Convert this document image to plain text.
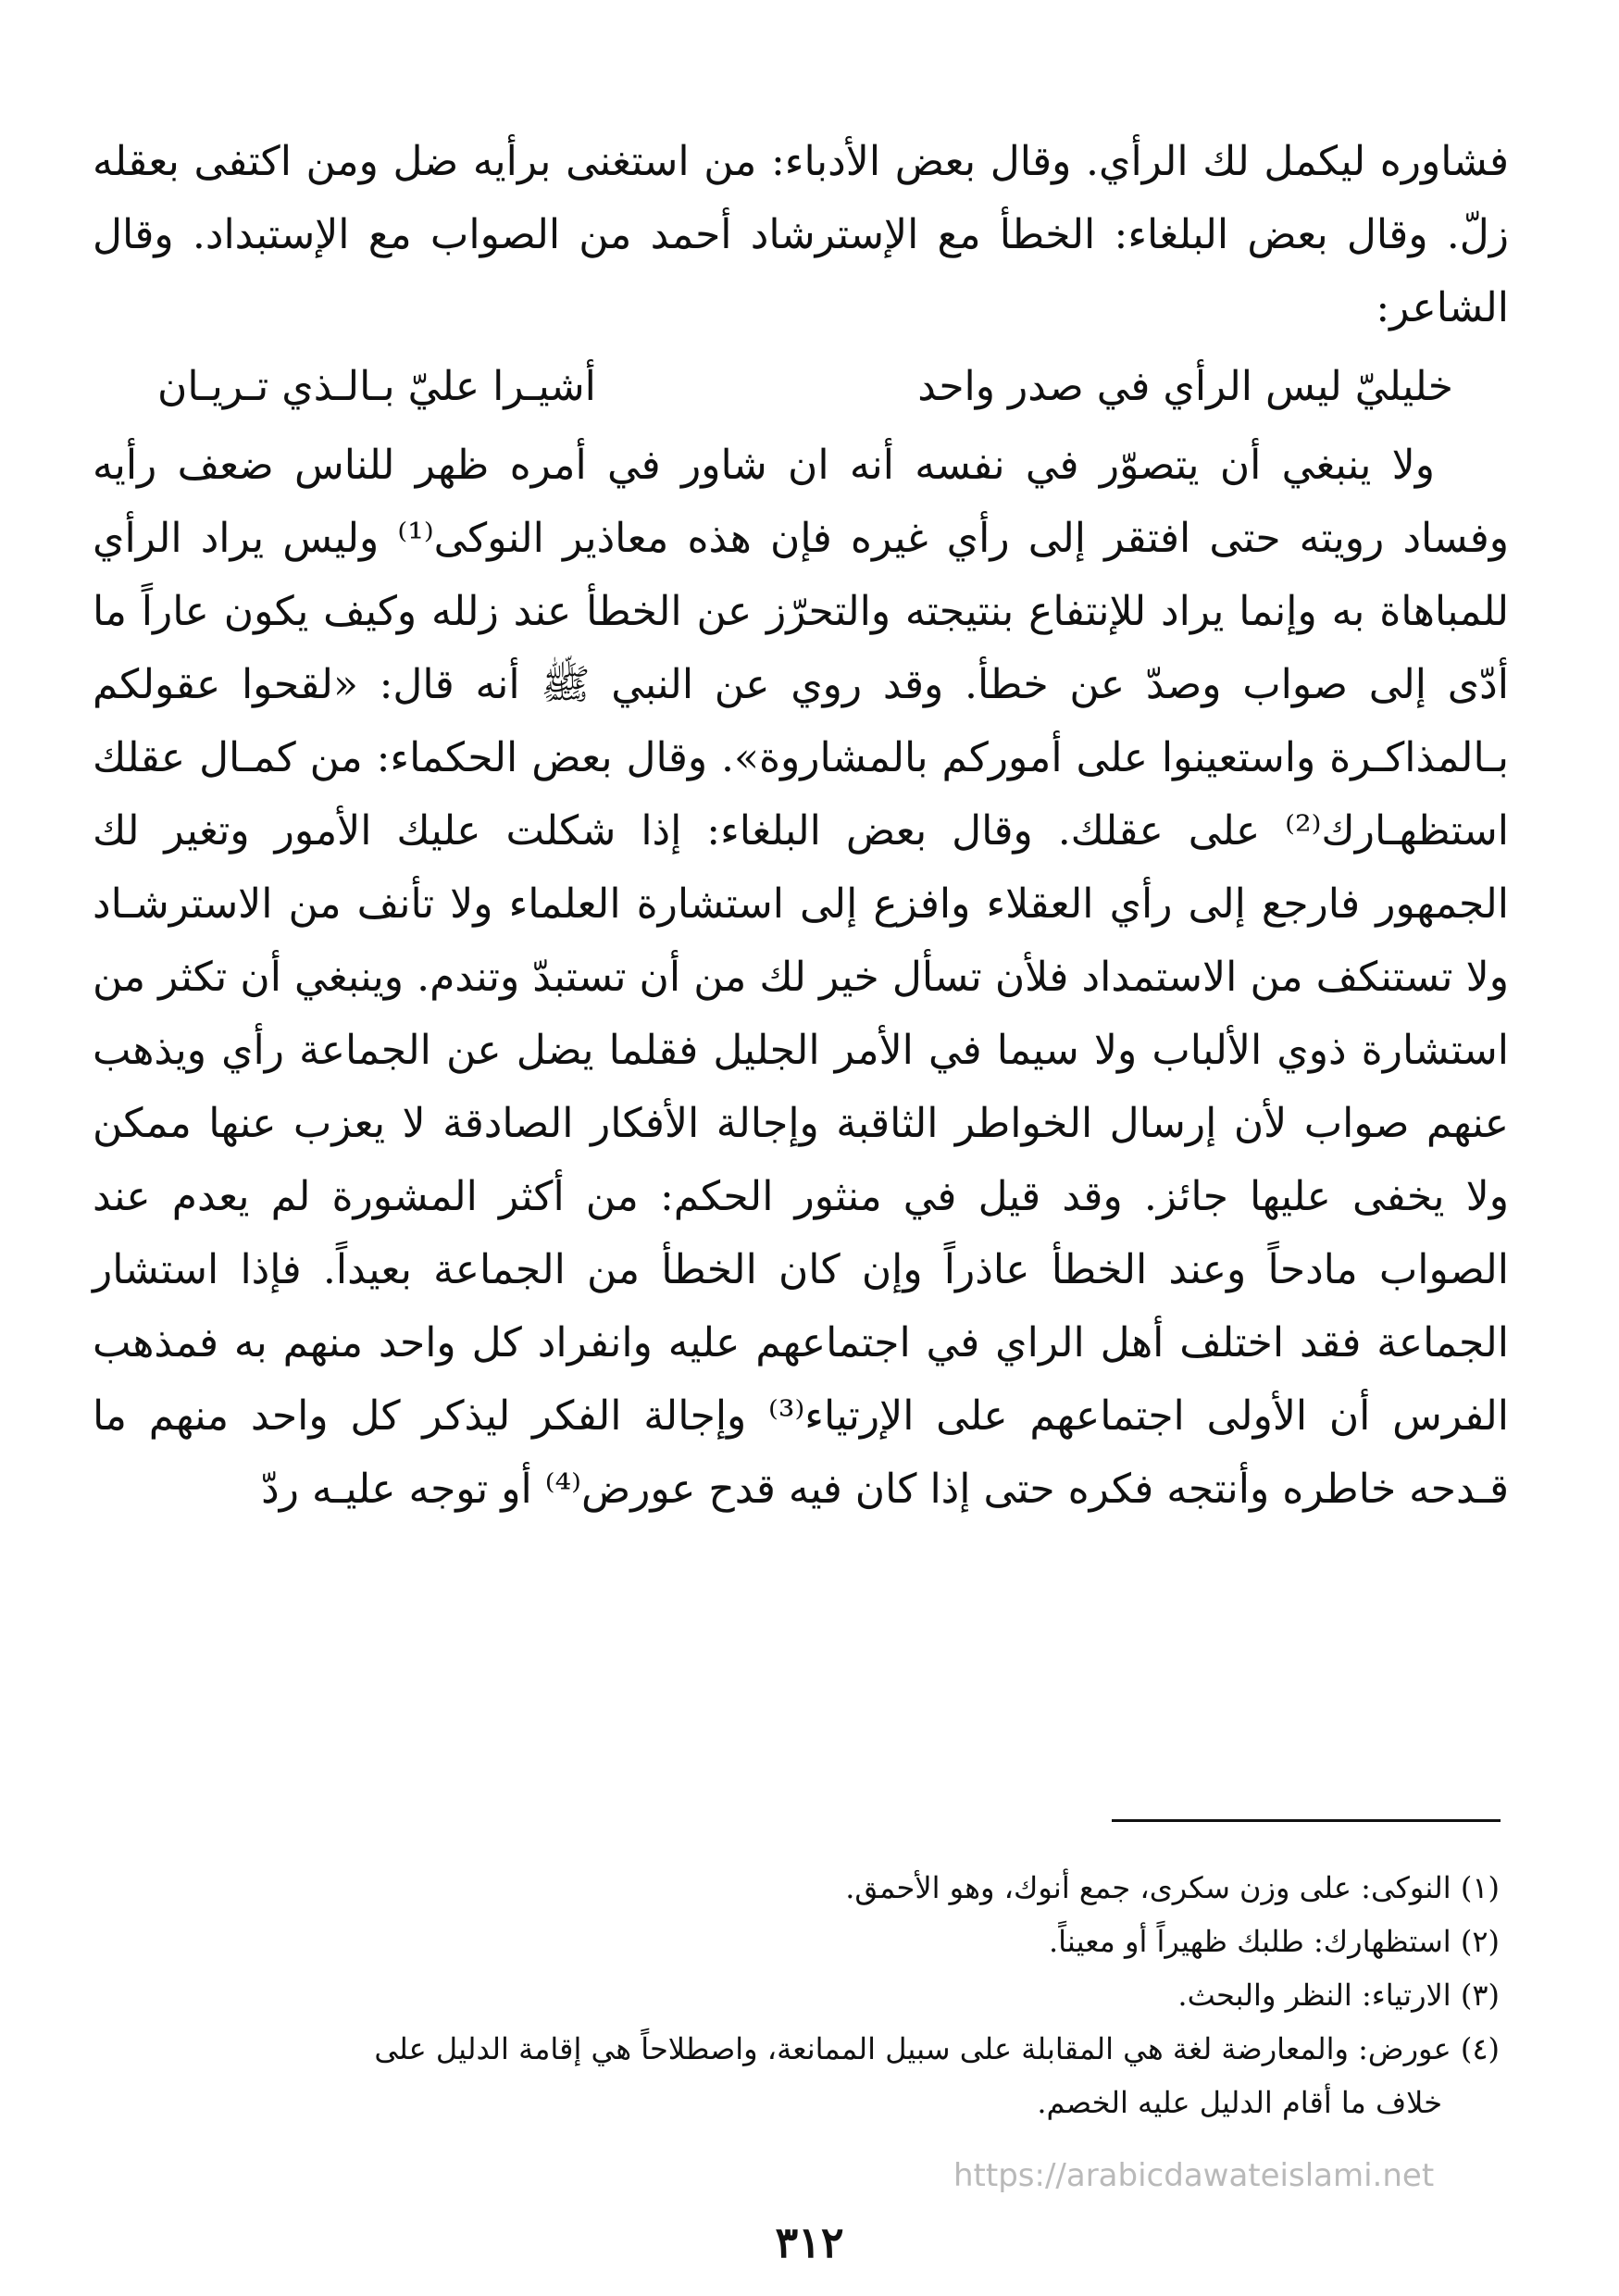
فشاوره ليكمل لك الرأي. وقال بعض الأدباء: من استغنى برأيه ضل ومن اكتفى بعقله زلّ. وقال بعض البلغاء: الخطأ مع الإسترشاد أحمد من الصواب مع الإستبداد. وقال الشاعر:

خليليّ ليس الرأي في صدر واحد
أشيـرا عليّ بـالـذي تـريـان

ولا ينبغي أن يتصوّر في نفسه أنه ان شاور في أمره ظهر للناس ضعف رأيه وفساد رويته حتى افتقر إلى رأي غيره فإن هذه معاذير النوكى⁽¹⁾ وليس يراد الرأي للمباهاة به وإنما يراد للإنتفاع بنتيجته والتحرّز عن الخطأ عند زلله وكيف يكون عاراً ما أدّى إلى صواب وصدّ عن خطأ. وقد روي عن النبي ﷺ أنه قال: «لقحوا عقولكم بـالمذاكـرة واستعينوا على أموركم بالمشاروة». وقال بعض الحكماء: من كمـال عقلك استظهـارك⁽²⁾ على عقلك. وقال بعض البلغاء: إذا شكلت عليك الأمور وتغير لك الجمهور فارجع إلى رأي العقلاء وافزع إلى استشارة العلماء ولا تأنف من الاسترشـاد ولا تستنكف من الاستمداد فلأن تسأل خير لك من أن تستبدّ وتندم. وينبغي أن تكثر من استشارة ذوي الألباب ولا سيما في الأمر الجليل فقلما يضل عن الجماعة رأي ويذهب عنهم صواب لأن إرسال الخواطر الثاقبة وإجالة الأفكار الصادقة لا يعزب عنها ممكن ولا يخفى عليها جائز. وقد قيل في منثور الحكم: من أكثر المشورة لم يعدم عند الصواب مادحاً وعند الخطأ عاذراً وإن كان الخطأ من الجماعة بعيداً. فإذا استشار الجماعة فقد اختلف أهل الراي في اجتماعهم عليه وانفراد كل واحد منهم به فمذهب الفرس أن الأولى اجتماعهم على الإرتياء⁽³⁾ وإجالة الفكر ليذكر كل واحد منهم ما قـدحه خاطره وأنتجه فكره حتى إذا كان فيه قدح عورض⁽⁴⁾ أو توجه عليـه ردّ

(١) النوكى: على وزن سكرى، جمع أنوك، وهو الأحمق.

(٢) استظهارك: طلبك ظهيراً أو معيناً.

(٣) الارتياء: النظر والبحث.

(٤) عورض: والمعارضة لغة هي المقابلة على سبيل الممانعة، واصطلاحاً هي إقامة الدليل على
خلاف ما أقام الدليل عليه الخصم.

https://arabicdawateislami.net
٣١٢
